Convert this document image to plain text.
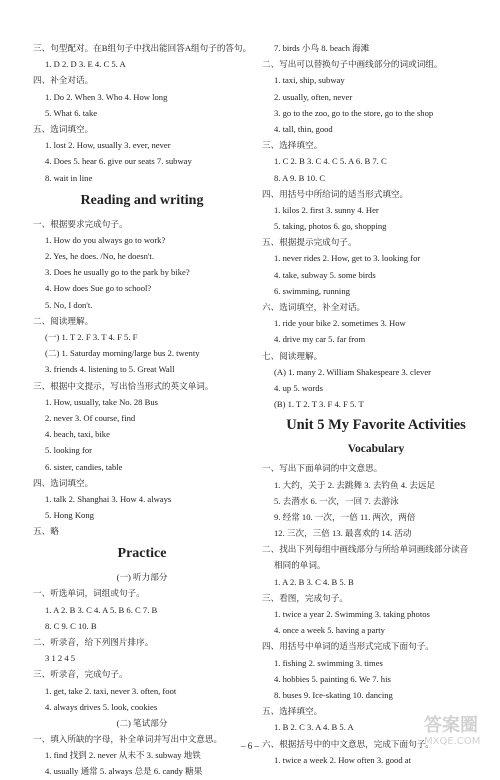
三、句型配对。在B组句子中找出能回答A组句子的答句。
1. D 2. D 3. E 4. C 5. A
四、补全对话。
1. Do 2. When 3. Who 4. How long
5. What 6. take
五、选词填空。
1. lost 2. How, usually 3. ever, never
4. Does 5. hear 6. give our seats 7. subway
8. wait in line
Reading and writing
一、根据要求完成句子。
1. How do you always go to work?
2. Yes, he does. /No, he doesn't.
3. Does he usually go to the park by bike?
4. How does Sue go to school?
5. No, I don't.
二、阅读理解。
(一) 1. T 2. F 3. T 4. F 5. F
(二) 1. Saturday morning/large bus 2. twenty
3. friends 4. listening to 5. Great Wall
三、根据中文提示，写出恰当形式的英文单词。
1. How, usually, take No. 28 Bus
2. never 3. Of course, find
4. beach, taxi, bike
5. looking for
6. sister, candies, table
四、选词填空。
1. talk 2. Shanghai 3. How 4. always
5. Hong Kong
五、略
Practice
(一) 听力部分
一、听选单词，词组或句子。
1. A 2. B 3. C 4. A 5. B 6. C 7. B
8. C 9. C 10. B
二、听录音，给下列图片排序。
3 1 2 4 5
三、听录音，完成句子。
1. get, take 2. taxi, never 3. often, foot
4. always drives 5. look, cookies
(二) 笔试部分
一、填入所缺的字母，补全单词并写出中文意思。
1. find 找到 2. never 从未不 3. subway 地铁
4. usually 通常 5. always 总是 6. candy 糖果
7. birds 小鸟 8. beach 海滩
二、写出可以替换句子中画线部分的词或词组。
1. taxi, ship, subway
2. usually, often, never
3. go to the zoo, go to the store, go to the shop
4. tall, thin, good
三、选择填空。
1. C 2. B 3. C 4. C 5. A 6. B 7. C
8. A 9. B 10. C
四、用括号中所给词的适当形式填空。
1. kilos 2. first 3. sunny 4. Her
5. taking, photos 6. go, shopping
五、根据提示完成句子。
1. never rides 2. How, get to 3. looking for
4. take, subway 5. some birds
6. swimming, running
六、选词填空，补全对话。
1. ride your bike 2. sometimes 3. How
4. drive my car 5. far from
七、阅读理解。
(A) 1. many 2. William Shakespeare 3. clever
4. up 5. words
(B) 1. T 2. T 3. F 4. F 5. T
Unit 5 My Favorite Activities
Vocabulary
一、写出下面单词的中文意思。
1. 大约，关于 2. 去跳舞 3. 去钓鱼 4. 去远足
5. 去潜水 6. 一次，一回 7. 去游泳
9. 经常 10. 一次，一倍 11. 两次，两倍
12. 三次，三倍 13. 最喜欢的 14. 活动
二、找出下列每组中画线部分与所给单词画线部分读音
相同的单词。
1. A 2. B 3. C 4. B 5. B
三、看图，完成句子。
1. twice a year 2. Swimming 3. taking photos
4. once a week 5. having a party
四、用括号中单词的适当形式完成下面句子。
1. fishing 2. swimming 3. times
4. hobbies 5. painting 6. We 7. his
8. buses 9. Ice-skating 10. dancing
五、选择填空。
1. B 2. C 3. A 4. B 5. A
六、根据括号中的中文意思，完成下面句子。
1. twice a week 2. How often 3. good at
– 6 –
答案圈
MXQE.COM
